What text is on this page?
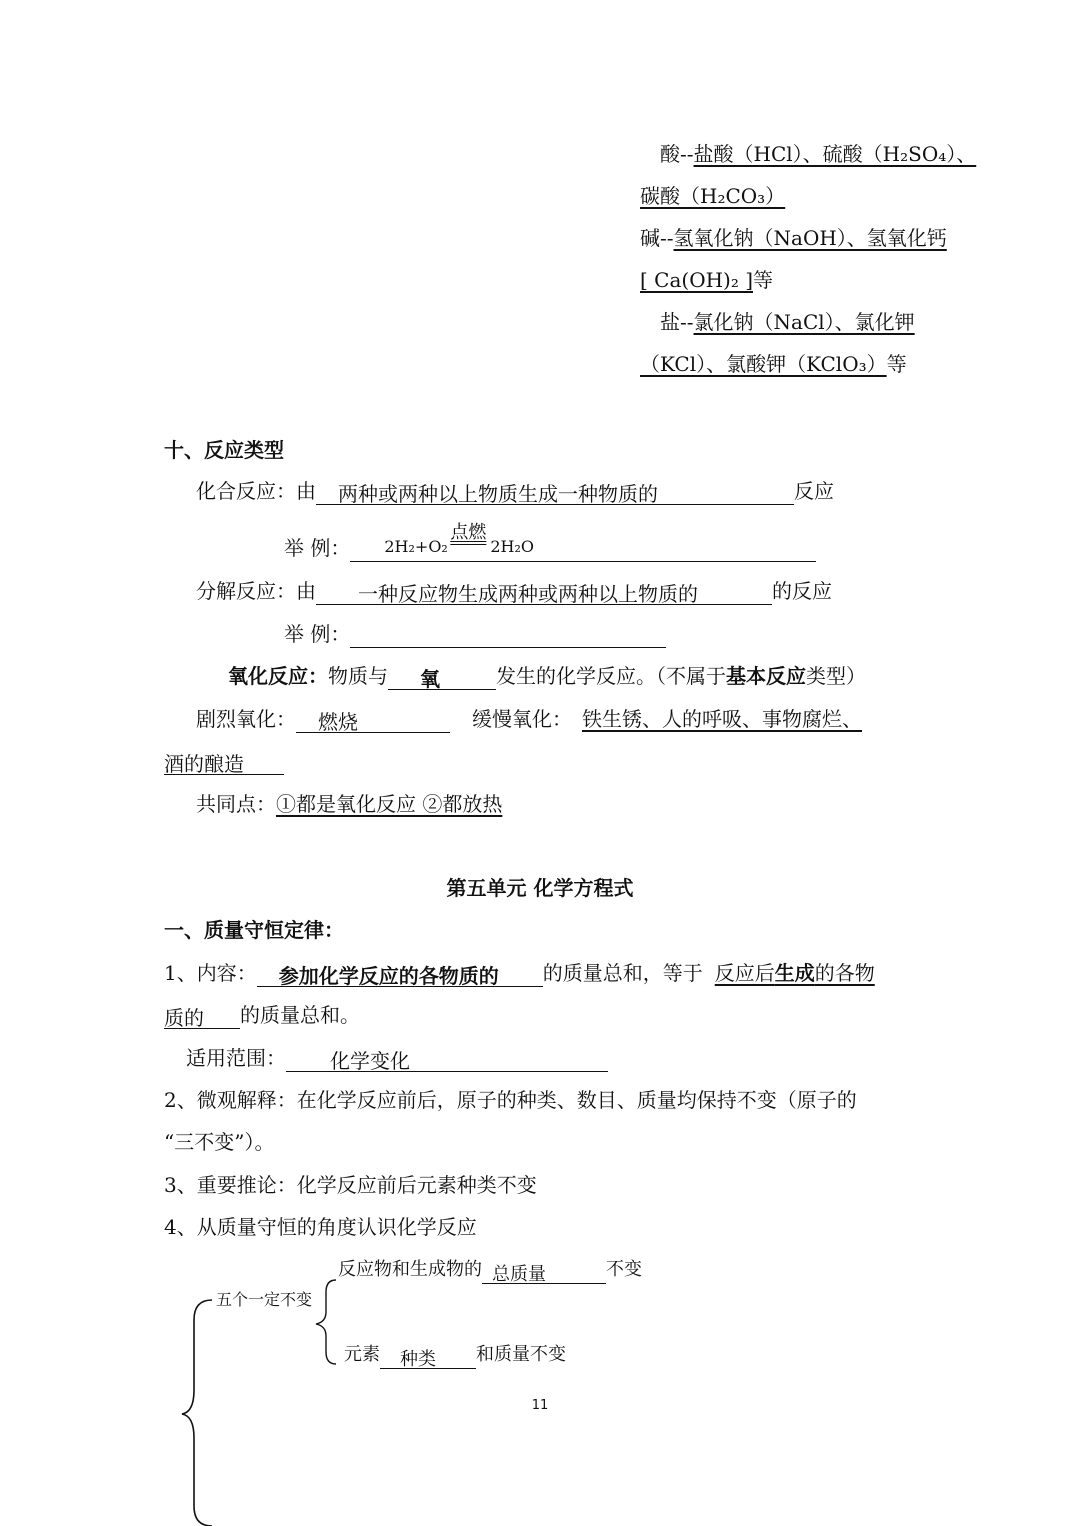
酸--盐酸（HCl）、硫酸（H₂SO₄）、
碳酸（H₂CO₃）
碱--氢氧化钠（NaOH）、氢氧化钙
[ Ca(OH)₂ ]等
盐--氯化钠（NaCl）、氯化钾
（KCl）、氯酸钾（KClO₃）等
十、反应类型
化合反应：由 两种或两种以上物质生成一种物质的	反应
举 例： 2H₂+O₂
点燃
2H₂O
分解反应：由 一种反应物生成两种或两种以上物质的	的反应
举 例：
氧化反应：物质与 氧	发生的化学反应。（不属于基本反应类型）
剧烈氧化： 燃烧	缓慢氧化： 铁生锈、人的呼吸、事物腐烂、
酒的酿造
共同点：①都是氧化反应 ②都放热
第五单元 化学方程式
一、质量守恒定律：
1、内容： 参加化学反应的各物质的 的质量总和，等于 反应后生成的各物
质的 的质量总和。
适用范围： 化学变化
2、微观解释：在化学反应前后，原子的种类、数目、质量均保持不变（原子的
“三不变”）。
3、重要推论：化学反应前后元素种类不变
4、从质量守恒的角度认识化学反应
五个一定不变
反应物和生成物的 总质量	不变
元素 种类 和质量不变
11
